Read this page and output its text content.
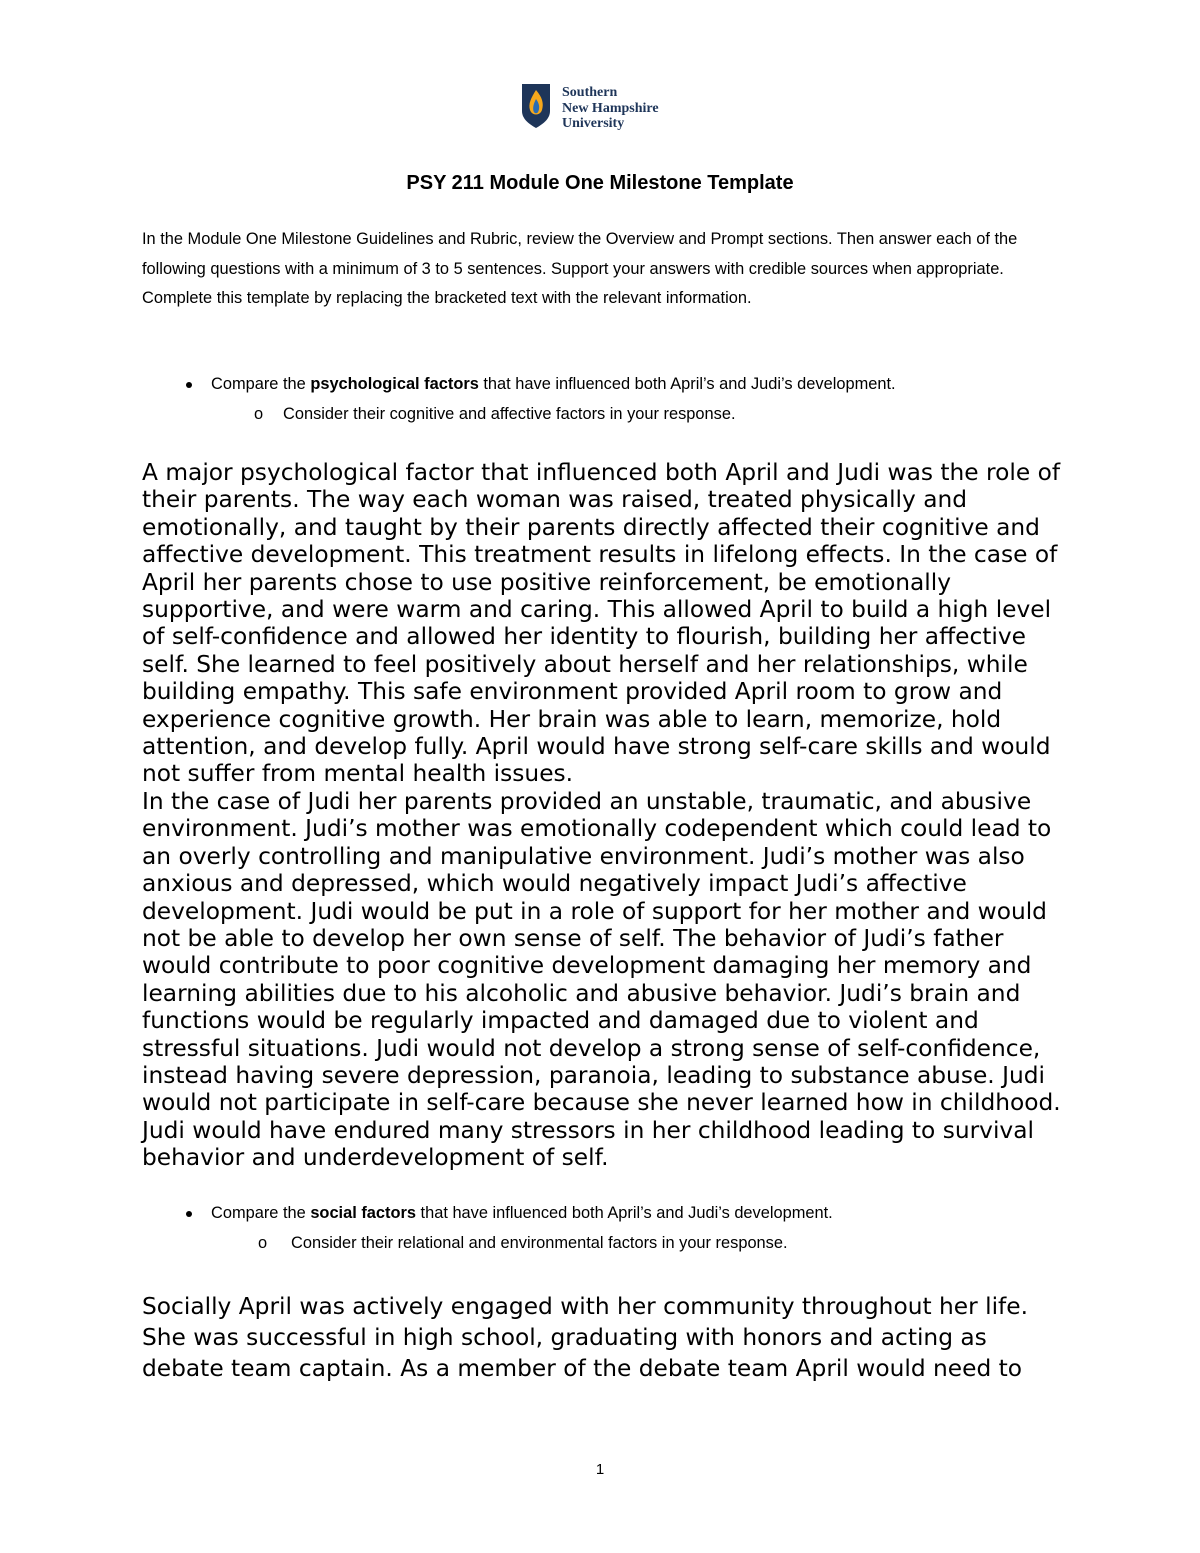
Southern
New Hampshire
University
PSY 211 Module One Milestone Template
In the Module One Milestone Guidelines and Rubric, review the Overview and Prompt sections. Then answer each of the following questions with a minimum of 3 to 5 sentences. Support your answers with credible sources when appropriate. Complete this template by replacing the bracketed text with the relevant information.
Compare the psychological factors that have influenced both April’s and Judi’s development.
o Consider their cognitive and affective factors in your response.

A major psychological factor that influenced both April and Judi was the role of their parents. The way each woman was raised, treated physically and emotionally, and taught by their parents directly affected their cognitive and affective development. This treatment results in lifelong effects. In the case of April her parents chose to use positive reinforcement, be emotionally supportive, and were warm and caring. This allowed April to build a high level of self-confidence and allowed her identity to flourish, building her affective self. She learned to feel positively about herself and her relationships, while building empathy. This safe environment provided April room to grow and experience cognitive growth. Her brain was able to learn, memorize, hold attention, and develop fully. April would have strong self-care skills and would not suffer from mental health issues.

In the case of Judi her parents provided an unstable, traumatic, and abusive environment. Judi’s mother was emotionally codependent which could lead to an overly controlling and manipulative environment. Judi’s mother was also anxious and depressed, which would negatively impact Judi’s affective development. Judi would be put in a role of support for her mother and would not be able to develop her own sense of self. The behavior of Judi’s father would contribute to poor cognitive development damaging her memory and learning abilities due to his alcoholic and abusive behavior. Judi’s brain and functions would be regularly impacted and damaged due to violent and stressful situations. Judi would not develop a strong sense of self-confidence, instead having severe depression, paranoia, leading to substance abuse. Judi would not participate in self-care because she never learned how in childhood. Judi would have endured many stressors in her childhood leading to survival behavior and underdevelopment of self.

Compare the social factors that have influenced both April’s and Judi’s development.
o Consider their relational and environmental factors in your response.
Socially April was actively engaged with her community throughout her life. She was successful in high school, graduating with honors and acting as debate team captain. As a member of the debate team April would need to
1
